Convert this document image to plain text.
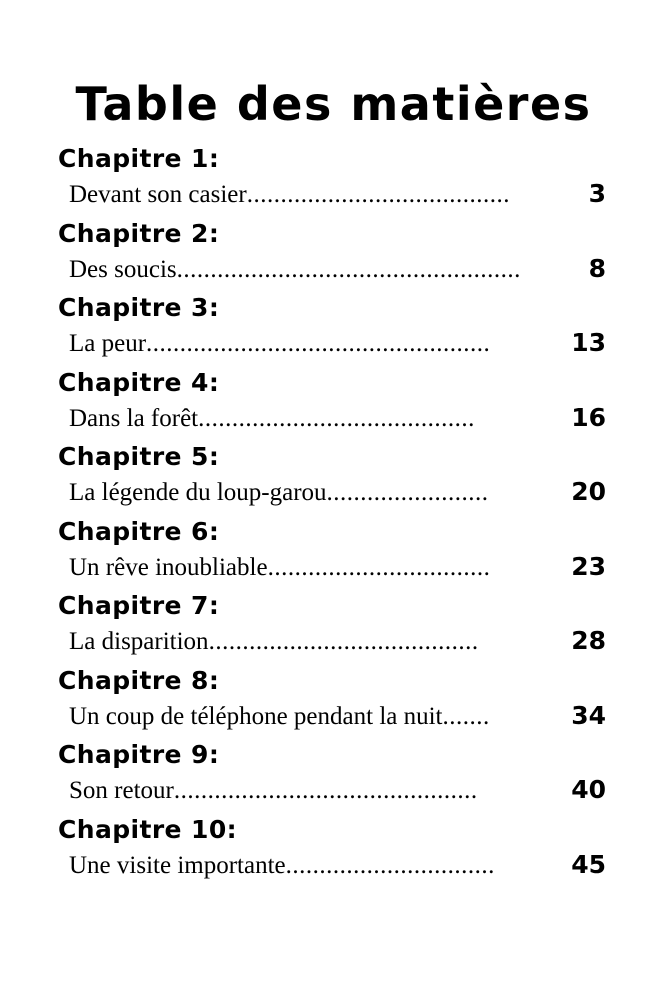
Table des matières
Chapitre 1:
Devant son casier .......................................	3
Chapitre 2:
Des soucis ...................................................	8
Chapitre 3:
La peur ...................................................	13
Chapitre 4:
Dans la forêt .........................................	16
Chapitre 5:
La légende du loup-garou ........................	20
Chapitre 6:
Un rêve inoubliable .................................	23
Chapitre 7:
La disparition ........................................	28
Chapitre 8:
Un coup de téléphone pendant la nuit .......	34
Chapitre 9:
Son retour .............................................	40
Chapitre 10:
Une visite importante ...............................	45
